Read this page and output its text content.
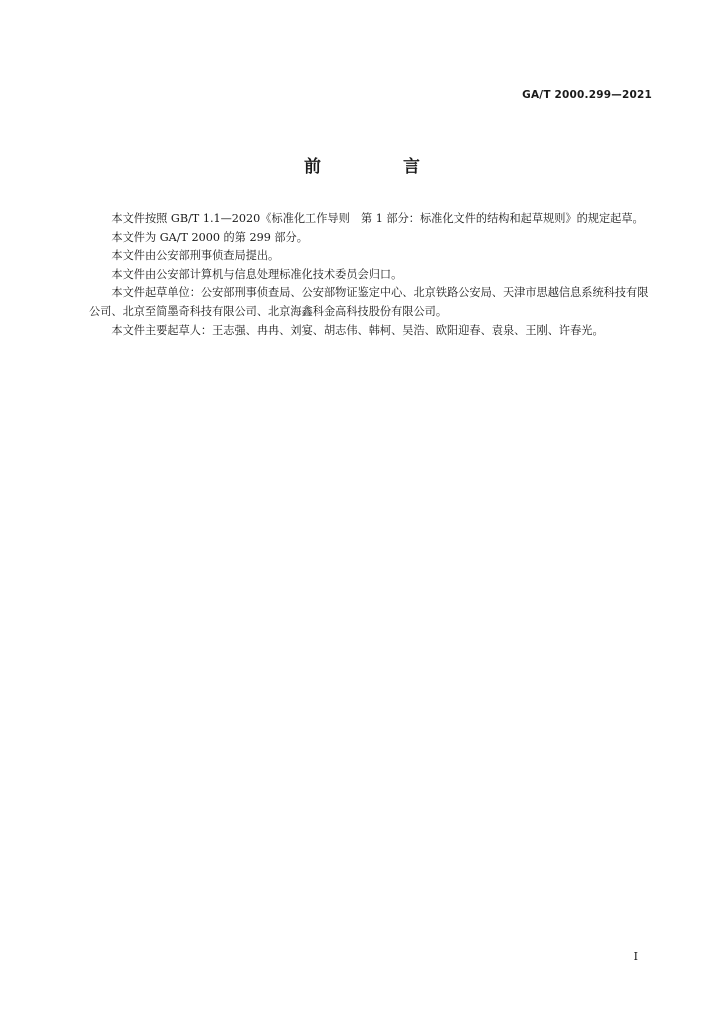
GA/T 2000.299—2021
前 言

本文件按照 GB/T 1.1—2020《标准化工作导则　第 1 部分：标准化文件的结构和起草规则》的规定起草。

本文件为 GA/T 2000 的第 299 部分。

本文件由公安部刑事侦查局提出。

本文件由公安部计算机与信息处理标准化技术委员会归口。

本文件起草单位：公安部刑事侦查局、公安部物证鉴定中心、北京铁路公安局、天津市思越信息系统科技有限公司、北京至简墨奇科技有限公司、北京海鑫科金高科技股份有限公司。

本文件主要起草人：王志强、冉冉、刘宴、胡志伟、韩柯、吴浩、欧阳迎春、袁泉、王刚、许春光。

I
